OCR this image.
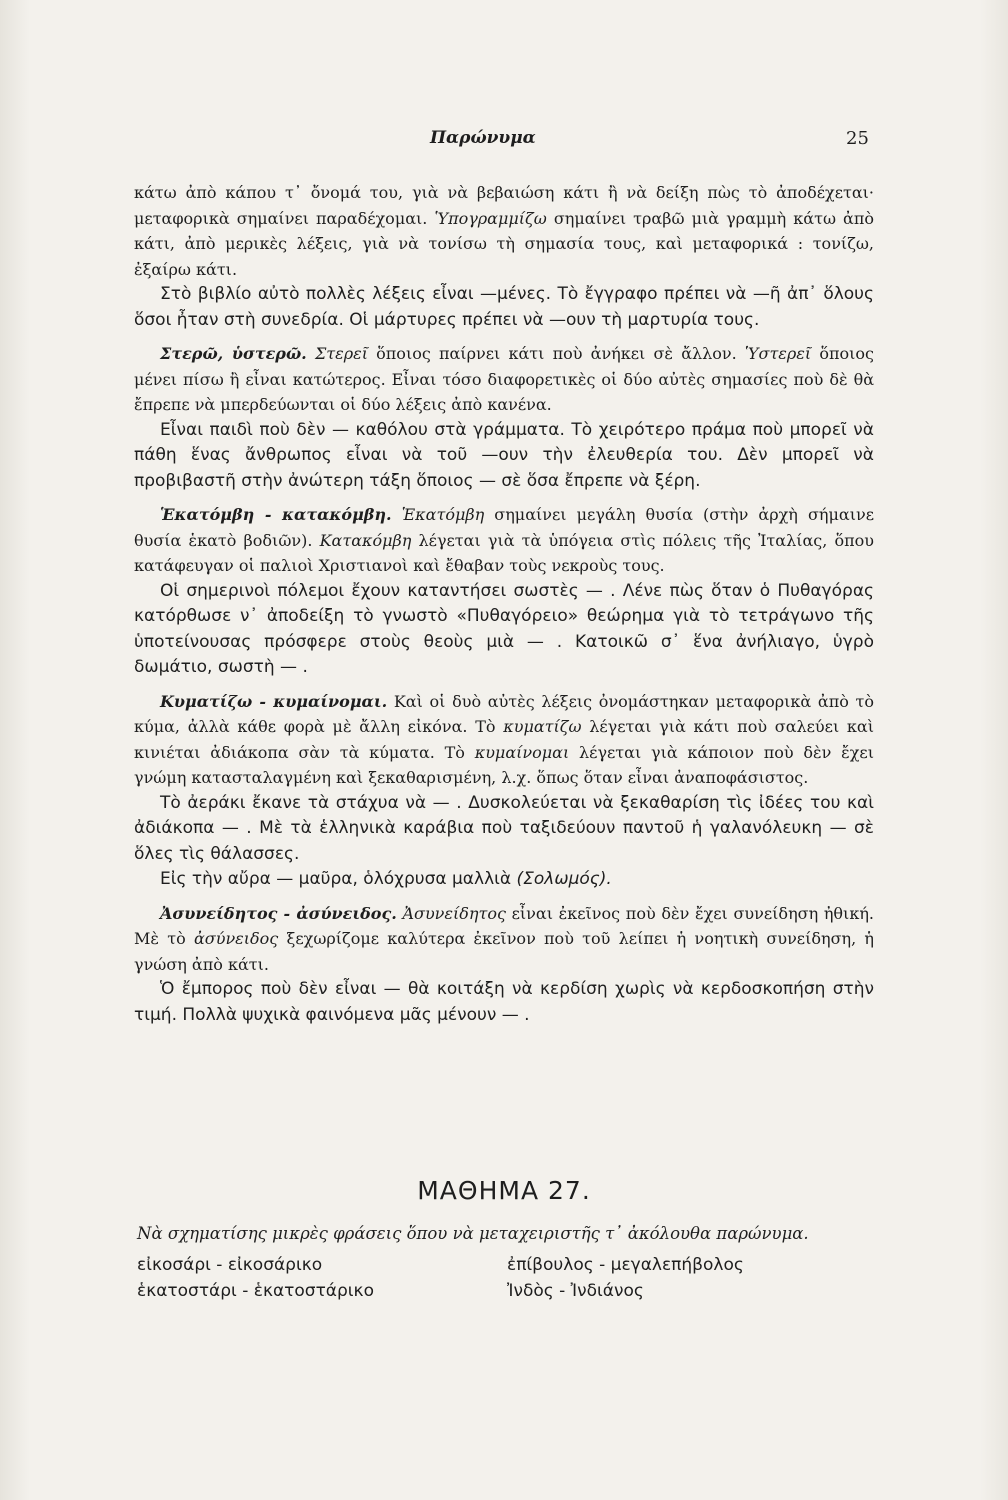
Παρώνυμα	25

κάτω ἀπὸ κάπου τ᾽ ὄνομά του, γιὰ νὰ βεβαιώση κάτι ἢ νὰ δείξη πὼς τὸ ἀποδέχεται· μεταφορικὰ σημαίνει παραδέχομαι. Ὑπογραμμίζω σημαίνει τραβῶ μιὰ γραμμὴ κάτω ἀπὸ κάτι, ἀπὸ μερικὲς λέξεις, γιὰ νὰ τονίσω τὴ σημασία τους, καὶ μεταφορικά : τονίζω, ἐξαίρω κάτι.

Στὸ βιβλίο αὐτὸ πολλὲς λέξεις εἶναι —μένες. Τὸ ἔγγραφο πρέπει νὰ —ῆ ἀπ᾽ ὅλους ὅσοι ἦταν στὴ συνεδρία. Οἱ μάρτυρες πρέπει νὰ —ουν τὴ μαρτυρία τους.

Στερῶ, ὑστερῶ. Στερεῖ ὅποιος παίρνει κάτι ποὺ ἀνήκει σὲ ἄλλον. Ὑστερεῖ ὅποιος μένει πίσω ἢ εἶναι κατώτερος. Εἶναι τόσο διαφορετικὲς οἱ δύο αὐτὲς σημασίες ποὺ δὲ θὰ ἔπρεπε νὰ μπερδεύωνται οἱ δύο λέξεις ἀπὸ κανένα.

Εἶναι παιδὶ ποὺ δὲν — καθόλου στὰ γράμματα. Τὸ χειρότερο πράμα ποὺ μπορεῖ νὰ πάθη ἕνας ἄνθρωπος εἶναι νὰ τοῦ —ουν τὴν ἐλευθερία του. Δὲν μπορεῖ νὰ προβιβαστῆ στὴν ἀνώτερη τάξη ὅποιος — σὲ ὅσα ἔπρεπε νὰ ξέρη.

Ἑκατόμβη - κατακόμβη. Ἑκατόμβη σημαίνει μεγάλη θυσία (στὴν ἀρχὴ σήμαινε θυσία ἑκατὸ βοδιῶν). Κατακόμβη λέγεται γιὰ τὰ ὑπόγεια στὶς πόλεις τῆς Ἰταλίας, ὅπου κατάφευγαν οἱ παλιοὶ Χριστιανοὶ καὶ ἔθαβαν τοὺς νεκροὺς τους.

Οἱ σημερινοὶ πόλεμοι ἔχουν καταντήσει σωστὲς — . Λένε πὼς ὅταν ὁ Πυθαγόρας κατόρθωσε ν᾽ ἀποδείξη τὸ γνωστὸ «Πυθαγόρειο» θεώρημα γιὰ τὸ τετράγωνο τῆς ὑποτείνουσας πρόσφερε στοὺς θεοὺς μιὰ — . Κατοικῶ σ᾽ ἕνα ἀνήλιαγο, ὑγρὸ δωμάτιο, σωστὴ — .

Κυματίζω - κυμαίνομαι. Καὶ οἱ δυὸ αὐτὲς λέξεις ὀνομάστηκαν μεταφορικὰ ἀπὸ τὸ κύμα, ἀλλὰ κάθε φορὰ μὲ ἄλλη εἰκόνα. Τὸ κυματίζω λέγεται γιὰ κάτι ποὺ σαλεύει καὶ κινιέται ἀδιάκοπα σὰν τὰ κύματα. Τὸ κυμαίνομαι λέγεται γιὰ κάποιον ποὺ δὲν ἔχει γνώμη κατασταλαγμένη καὶ ξεκαθαρισμένη, λ.χ. ὅπως ὅταν εἶναι ἀναποφάσιστος.

Τὸ ἀεράκι ἔκανε τὰ στάχυα νὰ — . Δυσκολεύεται νὰ ξεκαθαρίση τὶς ἰδέες του καὶ ἀδιάκοπα — . Μὲ τὰ ἑλληνικὰ καράβια ποὺ ταξιδεύουν παντοῦ ἡ γαλανόλευκη — σὲ ὅλες τὶς θάλασσες.

Εἰς τὴν αὔρα — μαῦρα, ὁλόχρυσα μαλλιὰ (Σολωμός).

Ἀσυνείδητος - ἀσύνειδος. Ἀσυνείδητος εἶναι ἐκεῖνος ποὺ δὲν ἔχει συνείδηση ἠθική. Μὲ τὸ ἀσύνειδος ξεχωρίζομε καλύτερα ἐκεῖνον ποὺ τοῦ λείπει ἡ νοητικὴ συνείδηση, ἡ γνώση ἀπὸ κάτι.

Ὁ ἔμπορος ποὺ δὲν εἶναι — θὰ κοιτάξη νὰ κερδίση χωρὶς νὰ κερδοσκοπήση στὴν τιμή. Πολλὰ ψυχικὰ φαινόμενα μᾶς μένουν — .

ΜΑΘΗΜΑ 27.
Νὰ σχηματίσης μικρὲς φράσεις ὅπου νὰ μεταχειριστῆς τ᾽ ἀκόλουθα παρώνυμα.
εἰκοσάρι - εἰκοσάρικο	ἐπίβουλος - μεγαλεπήβολος
ἑκατοστάρι - ἑκατοστάρικο	Ἰνδὸς - Ἰνδιάνος
